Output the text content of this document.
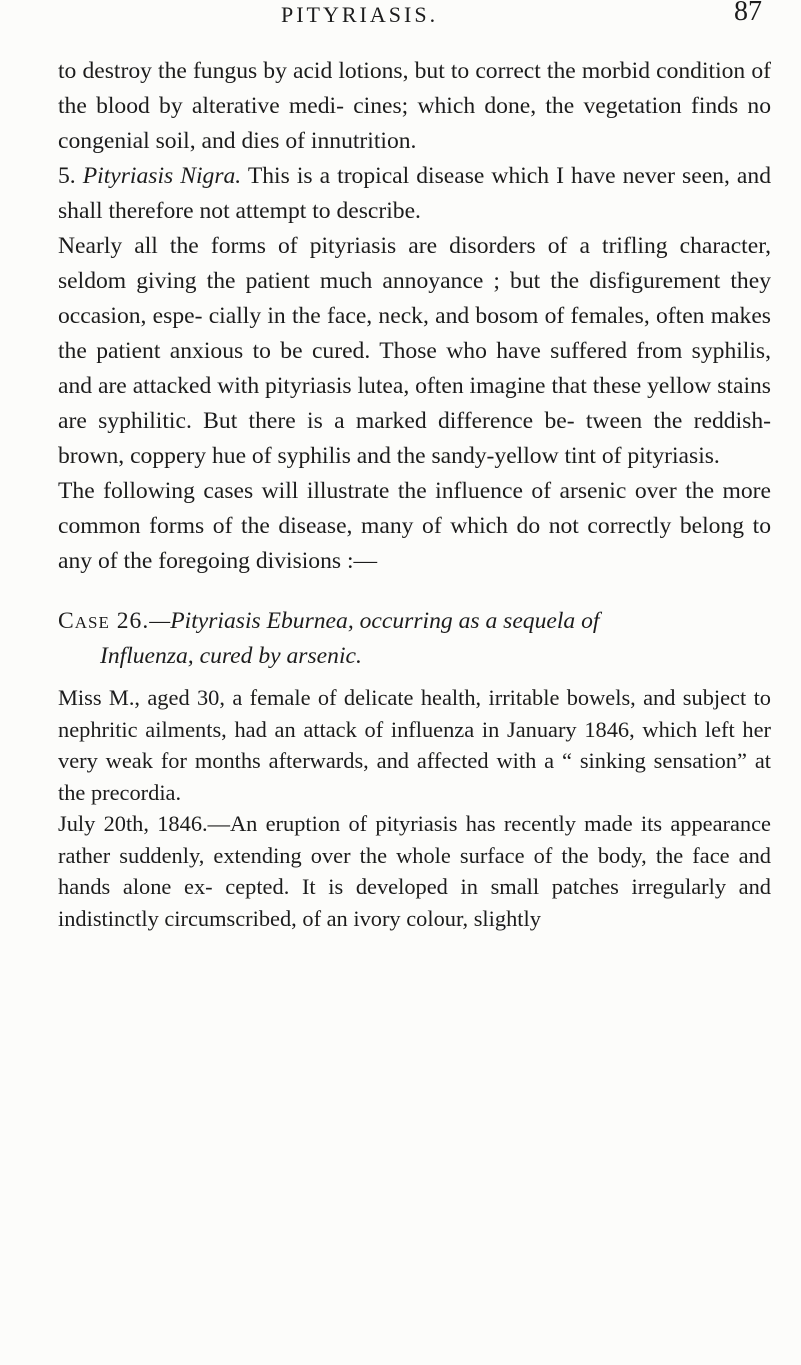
PITYRIASIS.	87

to destroy the fungus by acid lotions, but to correct the morbid condition of the blood by alterative medi- cines; which done, the vegetation finds no congenial soil, and dies of innutrition.

5. Pityriasis Nigra. This is a tropical disease which I have never seen, and shall therefore not attempt to describe.

Nearly all the forms of pityriasis are disorders of a trifling character, seldom giving the patient much annoyance ; but the disfigurement they occasion, espe- cially in the face, neck, and bosom of females, often makes the patient anxious to be cured. Those who have suffered from syphilis, and are attacked with pityriasis lutea, often imagine that these yellow stains are syphilitic. But there is a marked difference be- tween the reddish-brown, coppery hue of syphilis and the sandy-yellow tint of pityriasis.

The following cases will illustrate the influence of arsenic over the more common forms of the disease, many of which do not correctly belong to any of the foregoing divisions :—

Case 26.—Pityriasis Eburnea, occurring as a sequela of
Influenza, cured by arsenic.

Miss M., aged 30, a female of delicate health, irritable bowels, and subject to nephritic ailments, had an attack of influenza in January 1846, which left her very weak for months afterwards, and affected with a “ sinking sensation” at the precordia.

July 20th, 1846.—An eruption of pityriasis has recently made its appearance rather suddenly, extending over the whole surface of the body, the face and hands alone ex- cepted. It is developed in small patches irregularly and indistinctly circumscribed, of an ivory colour, slightly
